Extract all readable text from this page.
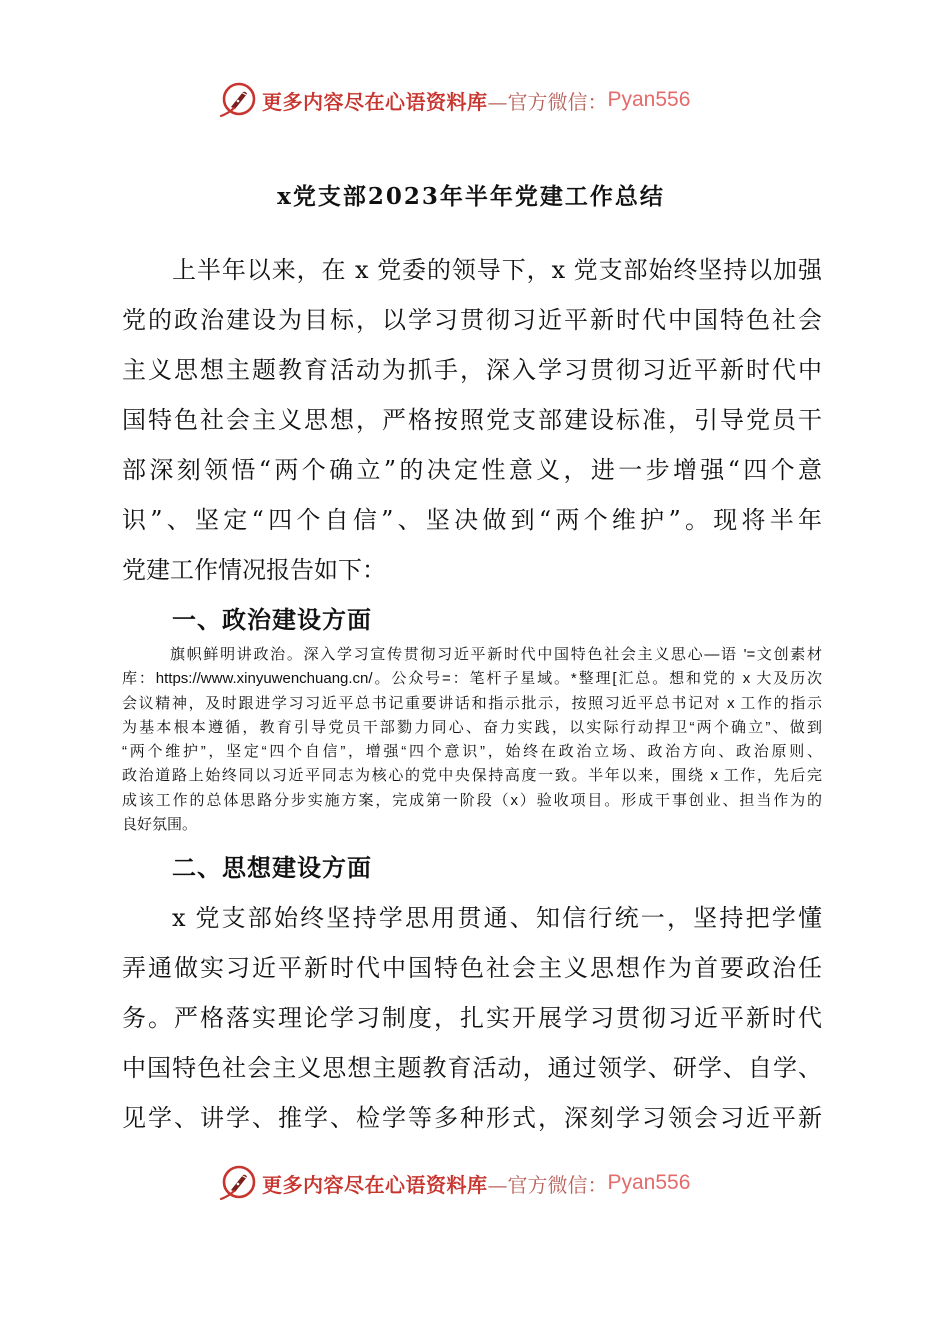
更多内容尽在心语资料库 —官方微信： Pyan556
x党支部2023年半年党建工作总结
上半年以来，在 x 党委的领导下，x 党支部始终坚持以加强
党的政治建设为目标，以学习贯彻习近平新时代中国特色社会
主义思想主题教育活动为抓手，深入学习贯彻习近平新时代中
国特色社会主义思想，严格按照党支部建设标准，引导党员干
部深刻领悟“两个确立”的决定性意义，进一步增强“四个意
识”、坚定“四个自信”、坚决做到“两个维护”。现将半年
党建工作情况报告如下：
一、政治建设方面
旗帜鲜明讲政治。深入学习宣传贯彻习近平新时代中国特色社会主义思心—语 '=文创素材
库：https://www.xinyuwenchuang.cn/。公众号=：笔杆子星域。*整理[汇总。想和党的 x 大及历次
会议精神，及时跟进学习习近平总书记重要讲话和指示批示，按照习近平总书记对 x 工作的指示
为基本根本遵循，教育引导党员干部勠力同心、奋力实践，以实际行动捍卫“两个确立”、做到
“两个维护”，坚定“四个自信”，增强“四个意识”，始终在政治立场、政治方向、政治原则、
政治道路上始终同以习近平同志为核心的党中央保持高度一致。半年以来，围绕 x 工作，先后完
成该工作的总体思路分步实施方案，完成第一阶段（x）验收项目。形成干事创业、担当作为的
良好氛围。
二、思想建设方面
x 党支部始终坚持学思用贯通、知信行统一，坚持把学懂
弄通做实习近平新时代中国特色社会主义思想作为首要政治任
务。严格落实理论学习制度，扎实开展学习贯彻习近平新时代
中国特色社会主义思想主题教育活动，通过领学、研学、自学、
见学、讲学、推学、检学等多种形式，深刻学习领会习近平新
更多内容尽在心语资料库 —官方微信： Pyan556
